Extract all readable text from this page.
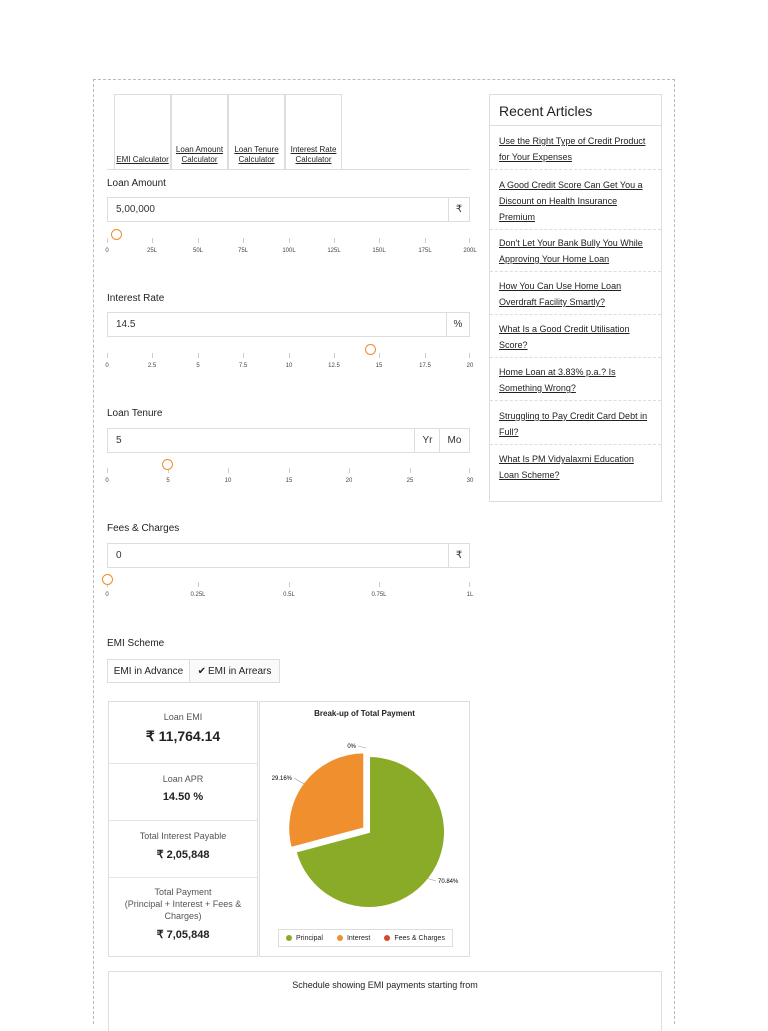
EMI Calculator
Loan Amount Calculator
Loan Tenure Calculator
Interest Rate Calculator
Loan Amount
5,00,000	₹
0	25L	50L	75L	100L	125L	150L	175L	200L
Interest Rate
14.5	%
0	2.5	5	7.5	10	12.5	15	17.5	20
Loan Tenure
5	Yr	Mo
0	5	10	15	20	25	30
Fees & Charges
0	₹
0	0.25L	0.5L	0.75L	1L
EMI Scheme
EMI in Advance	✔ EMI in Arrears
Loan EMI
₹ 11,764.14
Loan APR
14.50 %
Total Interest Payable
₹ 2,05,848
Total Payment
(Principal + Interest + Fees & Charges)
₹ 7,05,848
Break-up of Total Payment
70.84%
29.16%
0%
Principal	Interest	Fees & Charges
Schedule showing EMI payments starting from
Recent Articles
Use the Right Type of Credit Product for Your Expenses
A Good Credit Score Can Get You a Discount on Health Insurance Premium
Don't Let Your Bank Bully You While Approving Your Home Loan
How You Can Use Home Loan Overdraft Facility Smartly?
What Is a Good Credit Utilisation Score?
Home Loan at 3.83% p.a.? Is Something Wrong?
Struggling to Pay Credit Card Debt in Full?
What Is PM Vidyalaxmi Education Loan Scheme?
